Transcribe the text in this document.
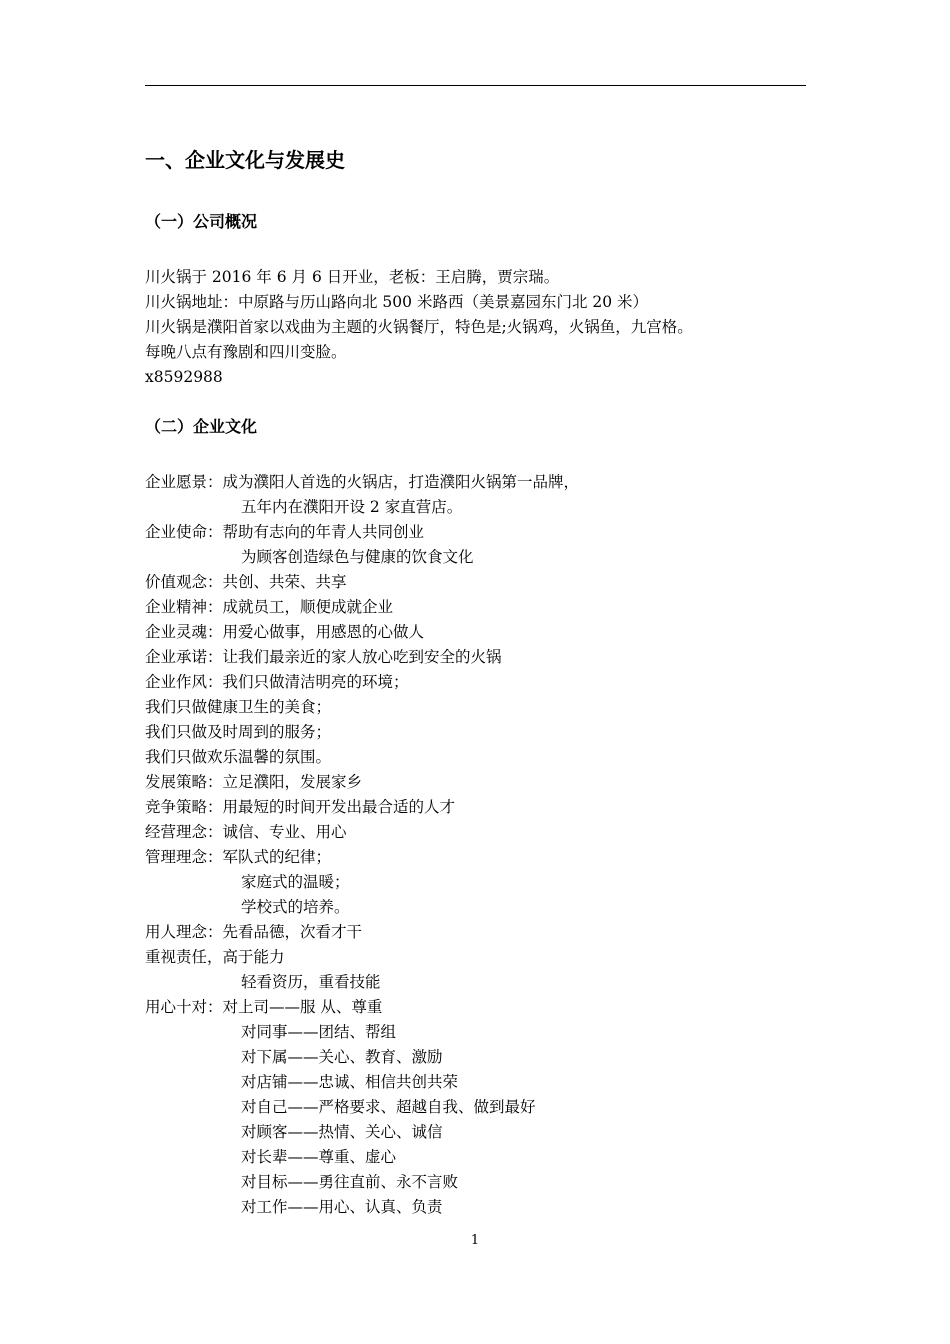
一、企业文化与发展史
（一）公司概况
川火锅于 2016 年 6 月 6 日开业，老板：王启腾，贾宗瑞。
川火锅地址：中原路与历山路向北 500 米路西（美景嘉园东门北 20 米）
川火锅是濮阳首家以戏曲为主题的火锅餐厅，特色是;火锅鸡，火锅鱼，九宫格。
每晚八点有豫剧和四川变脸。
x8592988
（二）企业文化
企业愿景：成为濮阳人首选的火锅店，打造濮阳火锅第一品牌，
五年内在濮阳开设 2 家直营店。
企业使命：帮助有志向的年青人共同创业
为顾客创造绿色与健康的饮食文化
价值观念：共创、共荣、共享
企业精神：成就员工，顺便成就企业
企业灵魂：用爱心做事，用感恩的心做人
企业承诺：让我们最亲近的家人放心吃到安全的火锅
企业作风：我们只做清洁明亮的环境；
我们只做健康卫生的美食；
我们只做及时周到的服务；
我们只做欢乐温馨的氛围。
发展策略：立足濮阳，发展家乡
竞争策略：用最短的时间开发出最合适的人才
经营理念：诚信、专业、用心
管理理念：军队式的纪律；
家庭式的温暖；
学校式的培养。
用人理念：先看品德，次看才干
重视责任，高于能力
轻看资历，重看技能
用心十对：对上司——服 从、尊重
对同事——团结、帮组
对下属——关心、教育、激励
对店铺——忠诚、相信共创共荣
对自己——严格要求、超越自我、做到最好
对顾客——热情、关心、诚信
对长辈——尊重、虚心
对目标——勇往直前、永不言败
对工作——用心、认真、负责
1
